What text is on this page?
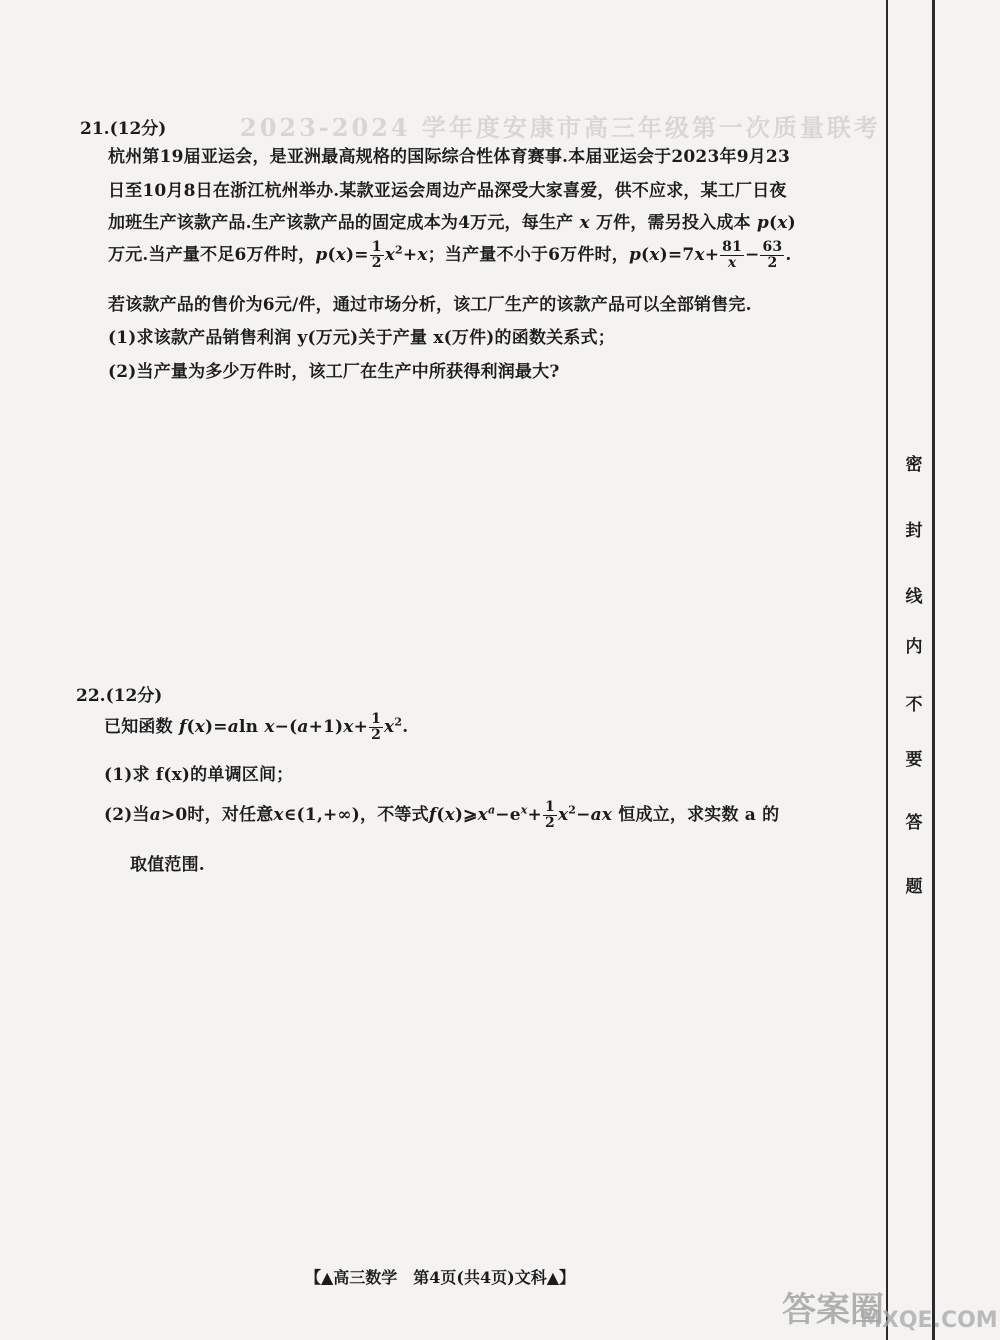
2023-2024 学年度安康市高三年级第一次质量联考
21.(12分)
杭州第19届亚运会，是亚洲最高规格的国际综合性体育赛事.本届亚运会于2023年9月23
日至10月8日在浙江杭州举办.某款亚运会周边产品深受大家喜爱，供不应求，某工厂日夜
加班生产该款产品.生产该款产品的固定成本为4万元，每生产 x 万件，需另投入成本 p(x)
万元.当产量不足6万件时，$p(x)= \frac{1}{2} x^2+x$；当产量不小于6万件时，$p(x)=7x+ \frac{81}{x} - \frac{63}{2}$ .
若该款产品的售价为6元/件，通过市场分析，该工厂生产的该款产品可以全部销售完.
(1)求该款产品销售利润 y(万元)关于产量 x(万件)的函数关系式；
(2)当产量为多少万件时，该工厂在生产中所获得利润最大?
22.(12分)
已知函数 f(x)=aln $x-(a+1)x+ \frac{1}{2} x^2$.
(1)求 f(x)的单调区间；
(2)当a>0时，对任意x∈(1,+∞)，不等式$f(x)⩾x^a-e^x+ \frac{1}{2} x^2-ax$ 恒成立，求实数 a 的
取值范围.
密
封
线
内
不
要
答
题
【▲高三数学　第4页(共4页)文科▲】
答案圈
MXQE.COM
